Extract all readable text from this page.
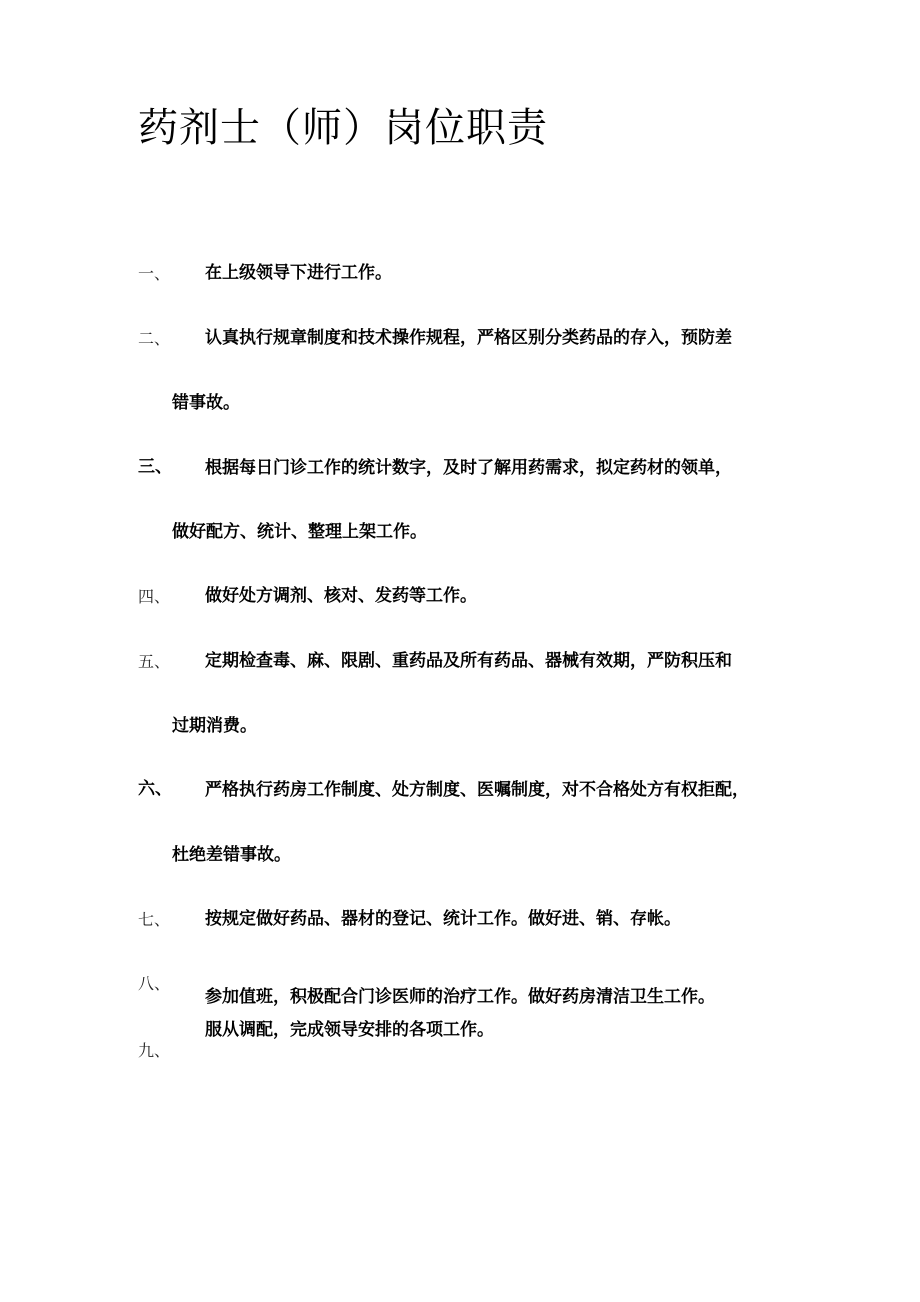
药剂士（师）岗位职责
一、 在上级领导下进行工作。
二、 认真执行规章制度和技术操作规程，严格区别分类药品的存入，预防差
错事故。
三、 根据每日门诊工作的统计数字，及时了解用药需求，拟定药材的领单，
做好配方、统计、整理上架工作。
四、 做好处方调剂、核对、发药等工作。
五、 定期检查毒、麻、限剧、重药品及所有药品、器械有效期，严防积压和
过期消费。
六、 严格执行药房工作制度、处方制度、医嘱制度，对不合格处方有权拒配，
杜绝差错事故。
七、 按规定做好药品、器材的登记、统计工作。做好进、销、存帐。
八、
参加值班，积极配合门诊医师的治疗工作。做好药房清洁卫生工作。
九、
服从调配，完成领导安排的各项工作。
